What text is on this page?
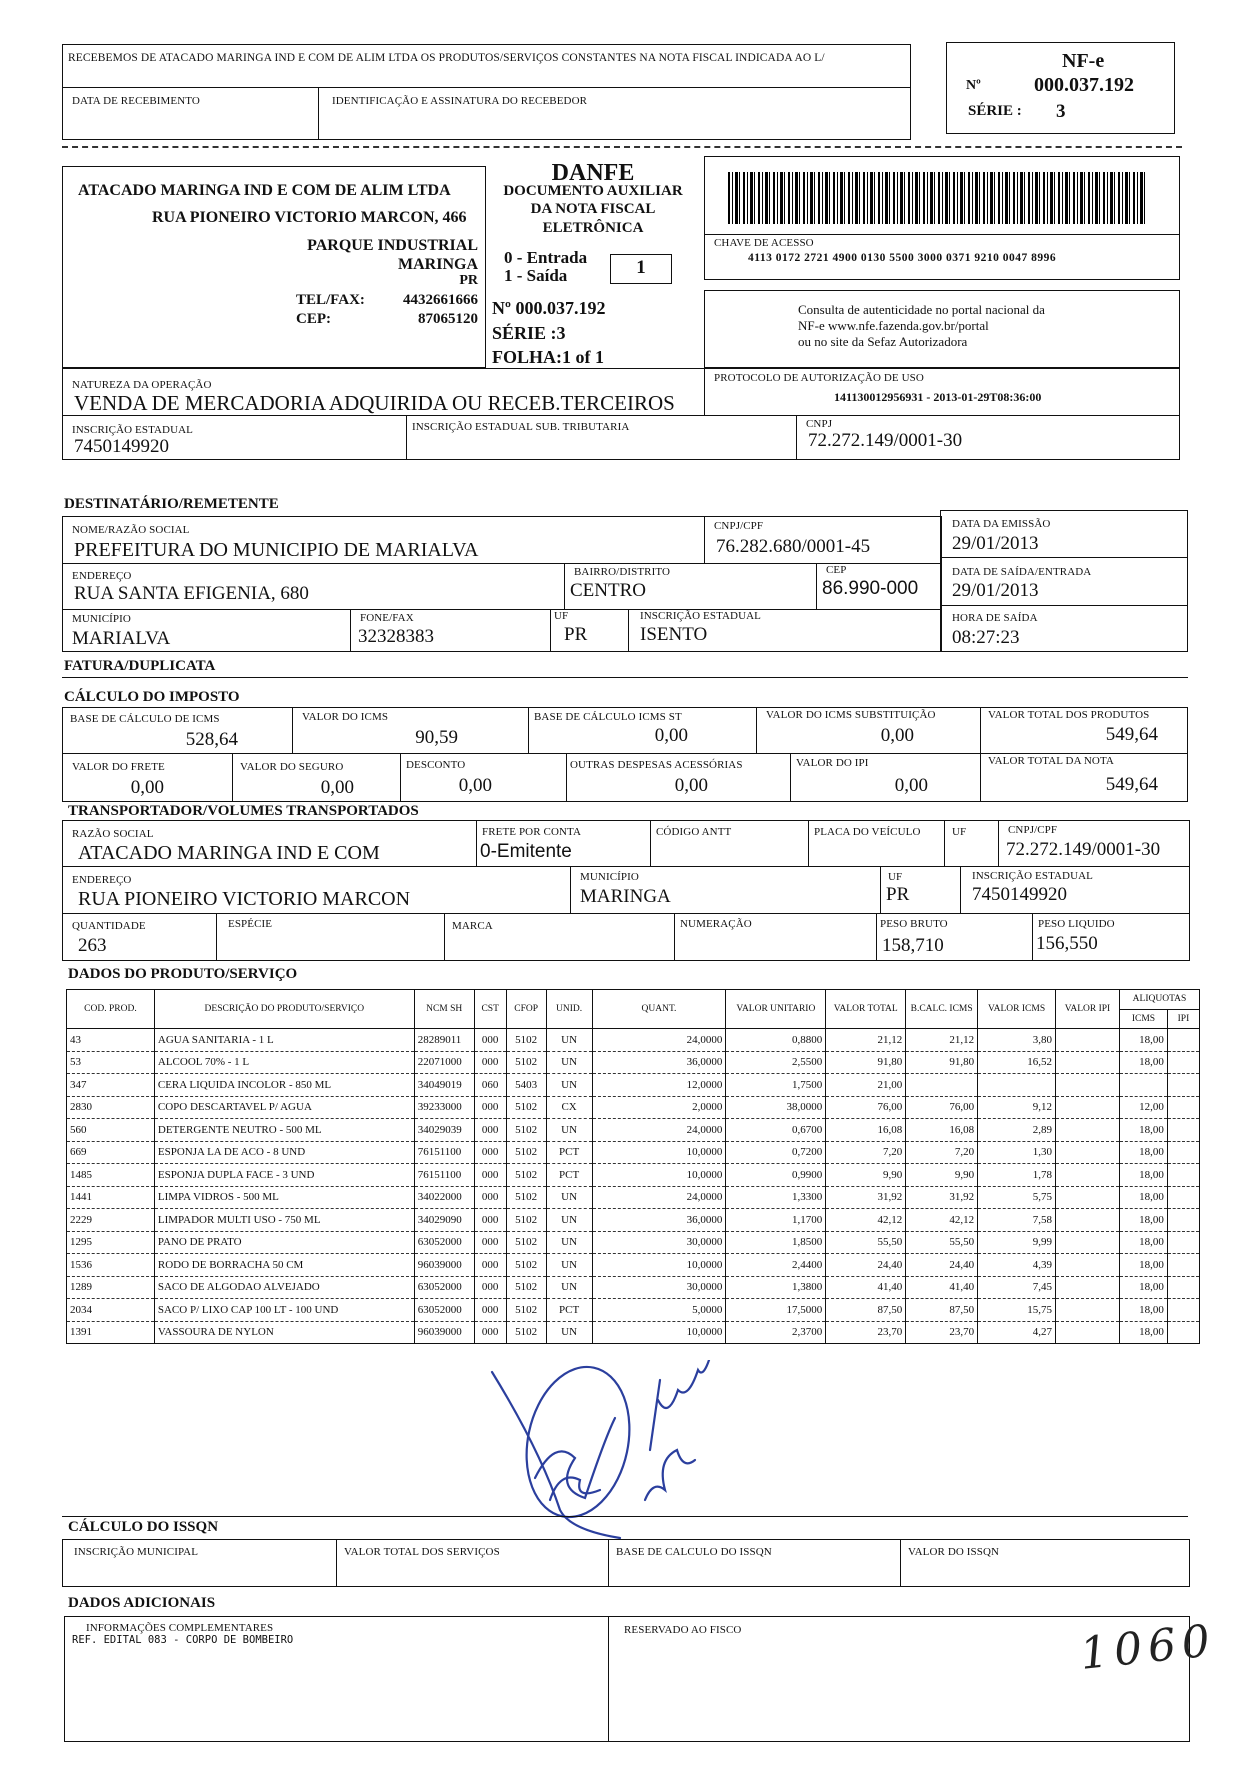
RECEBEMOS DE ATACADO MARINGA IND E COM DE ALIM LTDA OS PRODUTOS/SERVIÇOS CONSTANTES NA NOTA FISCAL INDICADA AO L/
DATA DE RECEBIMENTO	IDENTIFICAÇÃO E ASSINATURA DO RECEBEDOR
NF-e
Nº	000.037.192
SÉRIE : 3
ATACADO MARINGA IND E COM DE ALIM LTDA
RUA PIONEIRO VICTORIO MARCON, 466
PARQUE INDUSTRIAL
MARINGA
PR
TEL/FAX:	4432661666
CEP:	87065120
DANFE
DOCUMENTO AUXILIAR
DA NOTA FISCAL
ELETRÔNICA
0 - Entrada
1 - Saída	1
Nº 000.037.192
SÉRIE :3
FOLHA:1 of 1
CHAVE DE ACESSO
4113 0172 2721 4900 0130 5500 3000 0371 9210 0047 8996
Consulta de autenticidade no portal nacional da
NF-e www.nfe.fazenda.gov.br/portal
ou no site da Sefaz Autorizadora
NATUREZA DA OPERAÇÃO
VENDA DE MERCADORIA ADQUIRIDA OU RECEB.TERCEIROS
PROTOCOLO DE AUTORIZAÇÃO DE USO
141130012956931 - 2013-01-29T08:36:00
INSCRIÇÃO ESTADUAL
7450149920
INSCRIÇÃO ESTADUAL SUB. TRIBUTARIA	CNPJ
72.272.149/0001-30
DESTINATÁRIO/REMETENTE
NOME/RAZÃO SOCIAL
PREFEITURA DO MUNICIPIO DE MARIALVA
CNPJ/CPF
76.282.680/0001-45
DATA DA EMISSÃO
29/01/2013
ENDEREÇO
RUA SANTA EFIGENIA, 680
BAIRRO/DISTRITO
CENTRO
CEP
86.990-000
DATA DE SAÍDA/ENTRADA
29/01/2013
MUNICÍPIO
MARIALVA
FONE/FAX
32328383
UF
PR
INSCRIÇÃO ESTADUAL
ISENTO
HORA DE SAÍDA
08:27:23
FATURA/DUPLICATA
CÁLCULO DO IMPOSTO
BASE DE CÁLCULO DE ICMS
528,64
VALOR DO ICMS
90,59
BASE DE CÁLCULO ICMS ST
0,00
VALOR DO ICMS SUBSTITUIÇÃO
0,00
VALOR TOTAL DOS PRODUTOS
549,64
VALOR DO FRETE
0,00
VALOR DO SEGURO
0,00
DESCONTO
0,00
OUTRAS DESPESAS ACESSÓRIAS
0,00
VALOR DO IPI
0,00
VALOR TOTAL DA NOTA
549,64
TRANSPORTADOR/VOLUMES TRANSPORTADOS
RAZÃO SOCIAL
ATACADO MARINGA IND E COM
FRETE POR CONTA
0-Emitente
CÓDIGO ANTT	PLACA DO VEÍCULO	UF	CNPJ/CPF
72.272.149/0001-30
ENDEREÇO
RUA PIONEIRO VICTORIO MARCON
MUNICÍPIO
MARINGA
UF
PR
INSCRIÇÃO ESTADUAL
7450149920
QUANTIDADE
263
ESPÉCIE	MARCA	NUMERAÇÃO	PESO BRUTO
158,710
PESO LIQUIDO
156,550
DADOS DO PRODUTO/SERVIÇO
COD. PROD.	DESCRIÇÃO DO PRODUTO/SERVIÇO	NCM SH	CST	CFOP	UNID.	QUANT.	VALOR UNITARIO	VALOR TOTAL	B.CALC. ICMS	VALOR ICMS	VALOR IPI	ALIQUOTAS	
												ICMS	IPI
43	AGUA SANITARIA - 1 L	28289011	000	5102	UN	24,0000	0,8800	21,12	21,12	3,80		18,00	
53	ALCOOL 70% - 1 L	22071000	000	5102	UN	36,0000	2,5500	91,80	91,80	16,52		18,00	
347	CERA LIQUIDA INCOLOR - 850 ML	34049019	060	5403	UN	12,0000	1,7500	21,00					
2830	COPO DESCARTAVEL P/ AGUA	39233000	000	5102	CX	2,0000	38,0000	76,00	76,00	9,12		12,00	
560	DETERGENTE NEUTRO - 500 ML	34029039	000	5102	UN	24,0000	0,6700	16,08	16,08	2,89		18,00	
669	ESPONJA LA DE ACO - 8 UND	76151100	000	5102	PCT	10,0000	0,7200	7,20	7,20	1,30		18,00	
1485	ESPONJA DUPLA FACE - 3 UND	76151100	000	5102	PCT	10,0000	0,9900	9,90	9,90	1,78		18,00	
1441	LIMPA VIDROS - 500 ML	34022000	000	5102	UN	24,0000	1,3300	31,92	31,92	5,75		18,00	
2229	LIMPADOR MULTI USO - 750 ML	34029090	000	5102	UN	36,0000	1,1700	42,12	42,12	7,58		18,00	
1295	PANO DE PRATO	63052000	000	5102	UN	30,0000	1,8500	55,50	55,50	9,99		18,00	
1536	RODO DE BORRACHA 50 CM	96039000	000	5102	UN	10,0000	2,4400	24,40	24,40	4,39		18,00	
1289	SACO DE ALGODAO ALVEJADO	63052000	000	5102	UN	30,0000	1,3800	41,40	41,40	7,45		18,00	
2034	SACO P/ LIXO CAP 100 LT - 100 UND	63052000	000	5102	PCT	5,0000	17,5000	87,50	87,50	15,75		18,00	
1391	VASSOURA DE NYLON	96039000	000	5102	UN	10,0000	2,3700	23,70	23,70	4,27		18,00	
CÁLCULO DO ISSQN
INSCRIÇÃO MUNICIPAL	VALOR TOTAL DOS SERVIÇOS	BASE DE CALCULO DO ISSQN	VALOR DO ISSQN
DADOS ADICIONAIS
INFORMAÇÕES COMPLEMENTARES
REF. EDITAL 083 - CORPO DE BOMBEIRO
RESERVADO AO FISCO	1060
